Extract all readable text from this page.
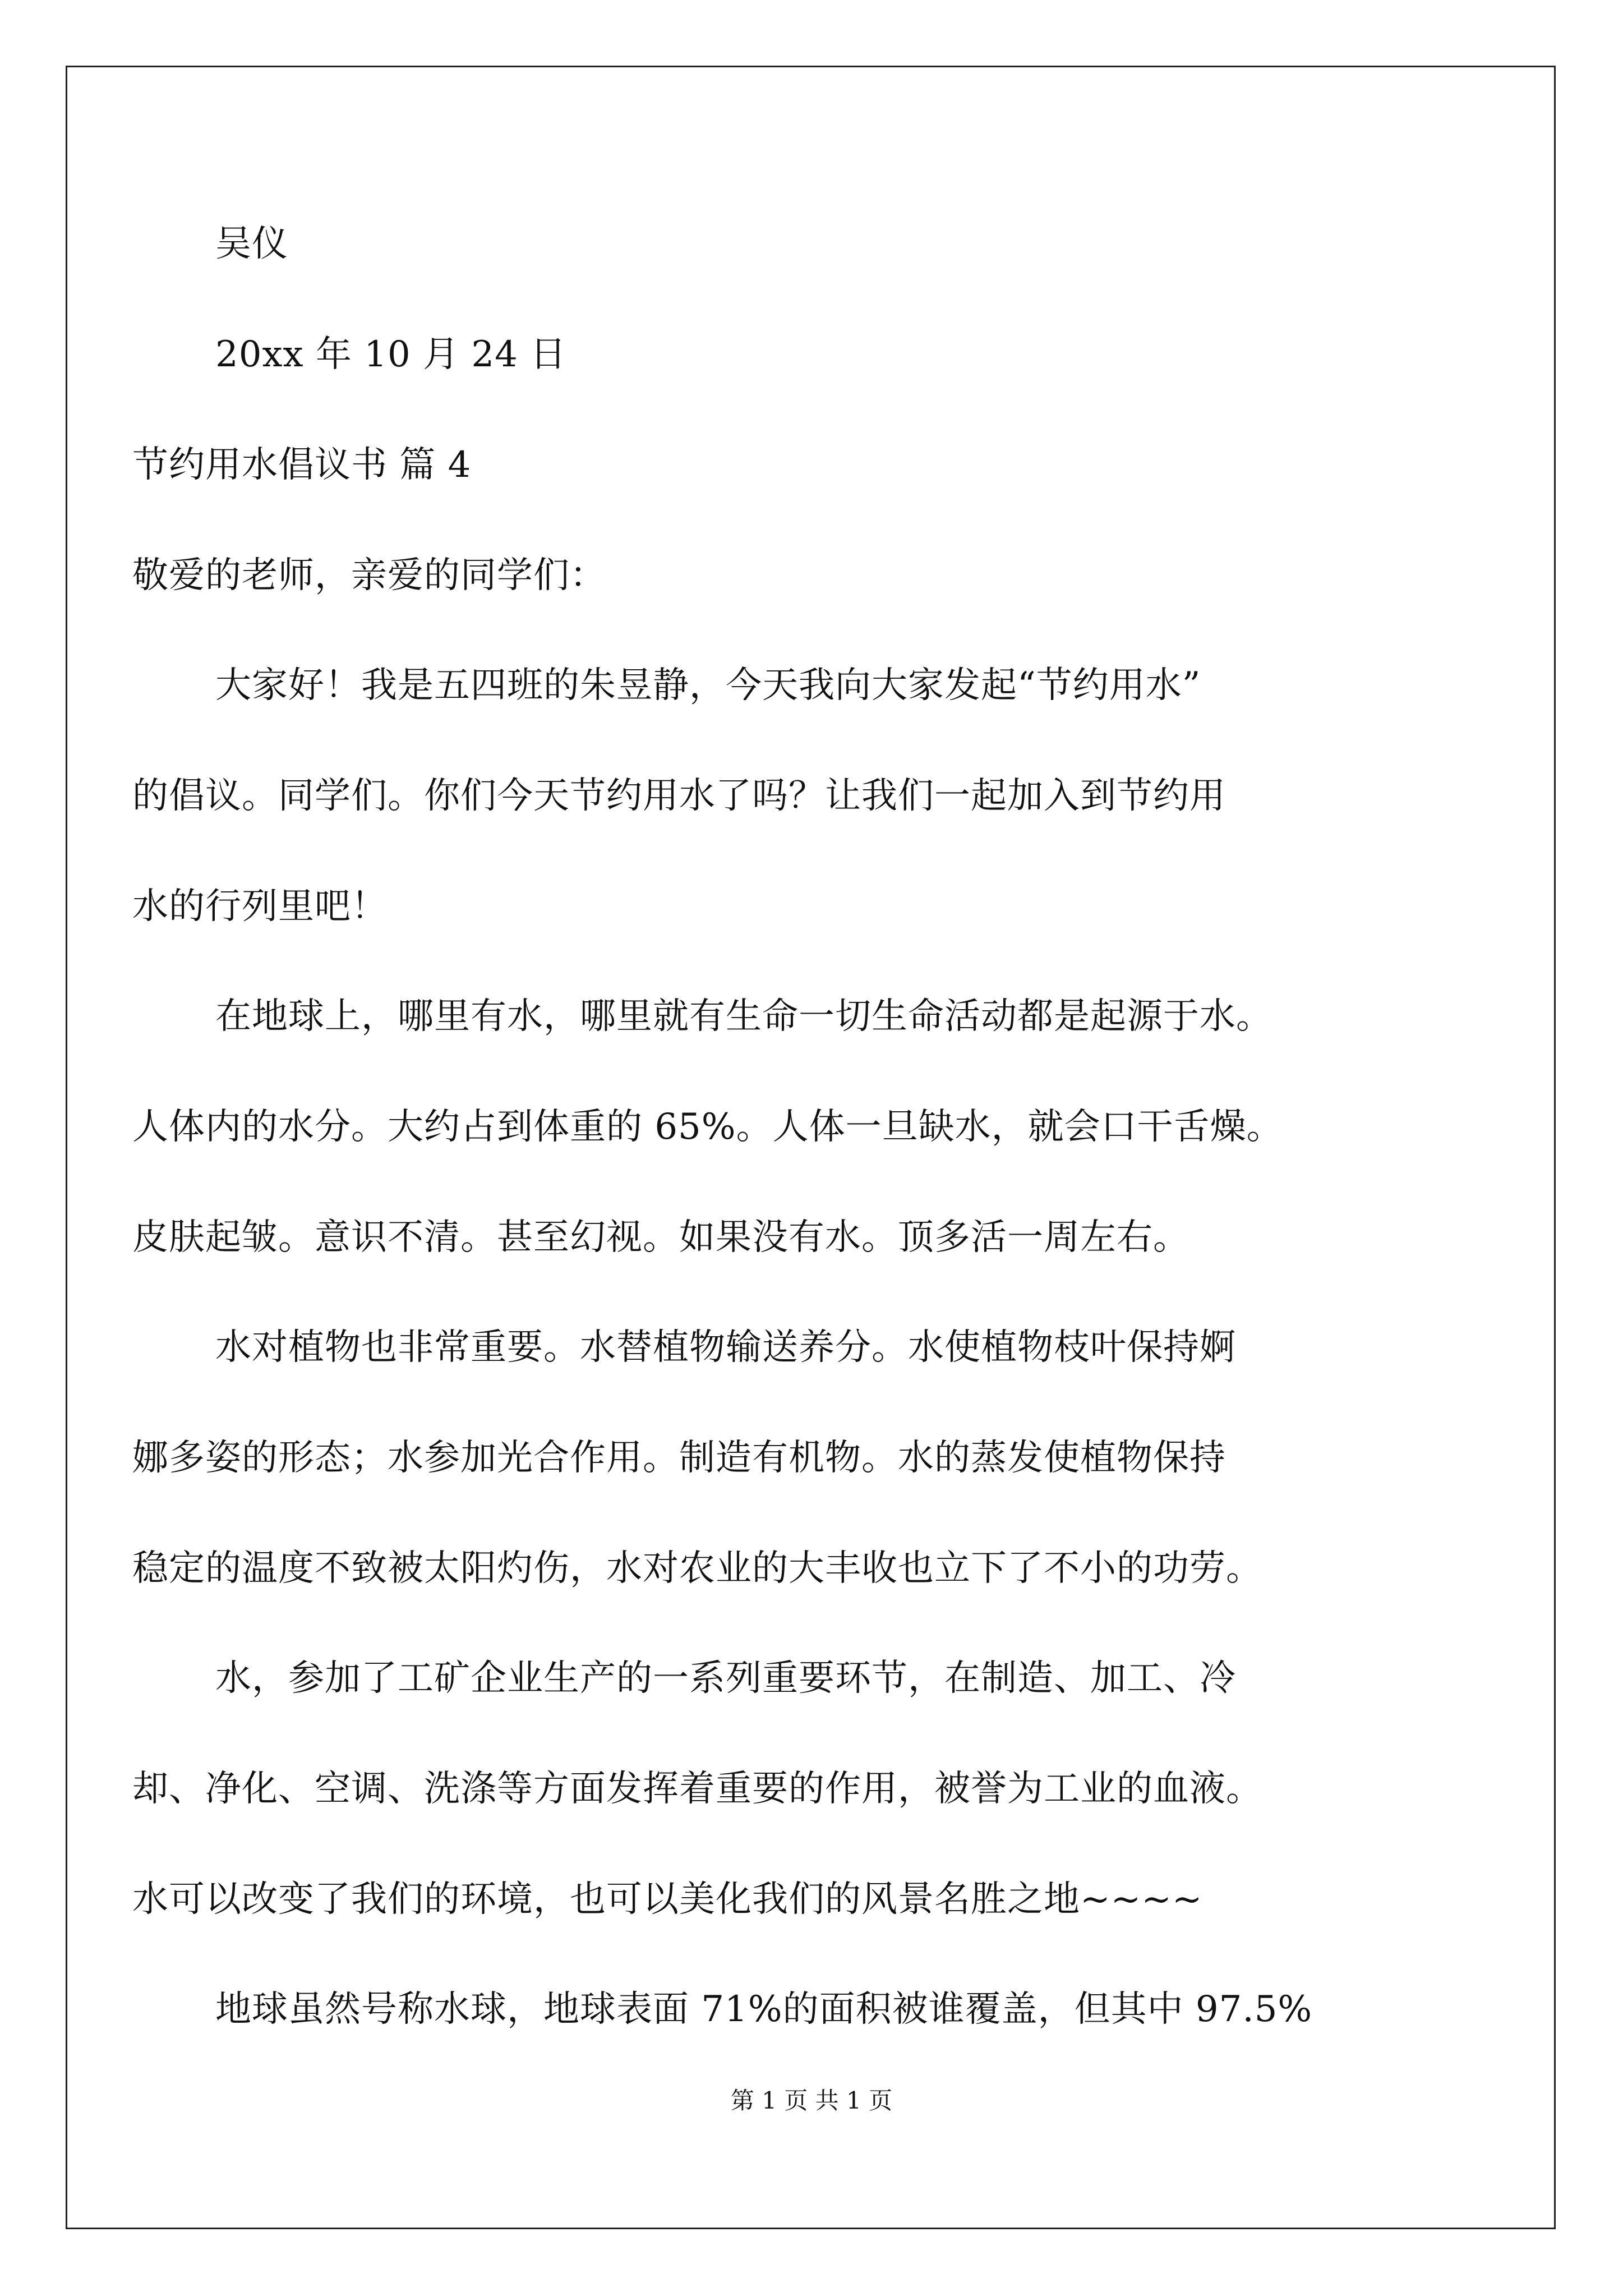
吴仪
20xx 年 10 月 24 日
节约用水倡议书 篇 4
敬爱的老师，亲爱的同学们：
大家好！我是五四班的朱昱静，今天我向大家发起“节约用水”
的倡议。同学们。你们今天节约用水了吗？让我们一起加入到节约用
水的行列里吧！
在地球上，哪里有水，哪里就有生命一切生命活动都是起源于水。
人体内的水分。大约占到体重的 65%。人体一旦缺水，就会口干舌燥。
皮肤起皱。意识不清。甚至幻视。如果没有水。顶多活一周左右。
水对植物也非常重要。水替植物输送养分。水使植物枝叶保持婀
娜多姿的形态；水参加光合作用。制造有机物。水的蒸发使植物保持
稳定的温度不致被太阳灼伤，水对农业的大丰收也立下了不小的功劳。
水，参加了工矿企业生产的一系列重要环节，在制造、加工、冷
却、净化、空调、洗涤等方面发挥着重要的作用，被誉为工业的血液。
水可以改变了我们的环境，也可以美化我们的风景名胜之地~~~~
地球虽然号称水球，地球表面 71%的面积被谁覆盖，但其中 97.5%
第 1 页 共 1 页
